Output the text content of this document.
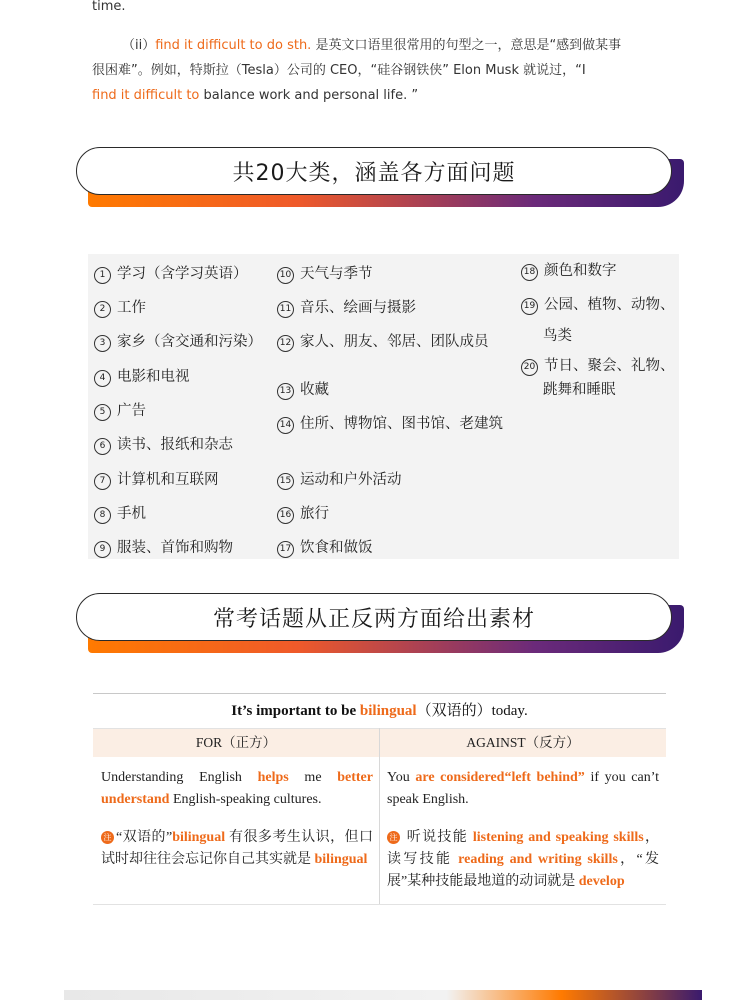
time.
（ii）find it difficult to do sth. 是英文口语里很常用的句型之一，意思是“感到做某事
很困难”。例如，特斯拉（Tesla）公司的 CEO，“硅谷钢铁侠” Elon Musk 就说过，“I
find it difficult to balance work and personal life. ”
共20大类，涵盖各方面问题
1 学习（含学习英语）
2 工作
3 家乡（含交通和污染）
4 电影和电视
5 广告
6 读书、报纸和杂志
7 计算机和互联网
8 手机
9 服装、首饰和购物
10 天气与季节
11 音乐、绘画与摄影
12 家人、朋友、邻居、团队成员
13 收藏
14 住所、博物馆、图书馆、老建筑
15 运动和户外活动
16 旅行
17 饮食和做饭
18 颜色和数字
19 公园、植物、动物、
鸟类
20 节日、聚会、礼物、
跳舞和睡眠
常考话题从正反两方面给出素材
It’s important to be bilingual（双语的）today.
FOR（正方）	AGAINST（反方）
Understanding English helps me better understand English-speaking cultures.
You are considered“left behind” if you can’t speak English.
注 “双语的”bilingual 有很多考生认识，但口试时却往往会忘记你自己其实就是 bilingual
注 听说技能 listening and speaking skills，读写技能 reading and writing skills，“发展”某种技能最地道的动词就是 develop
